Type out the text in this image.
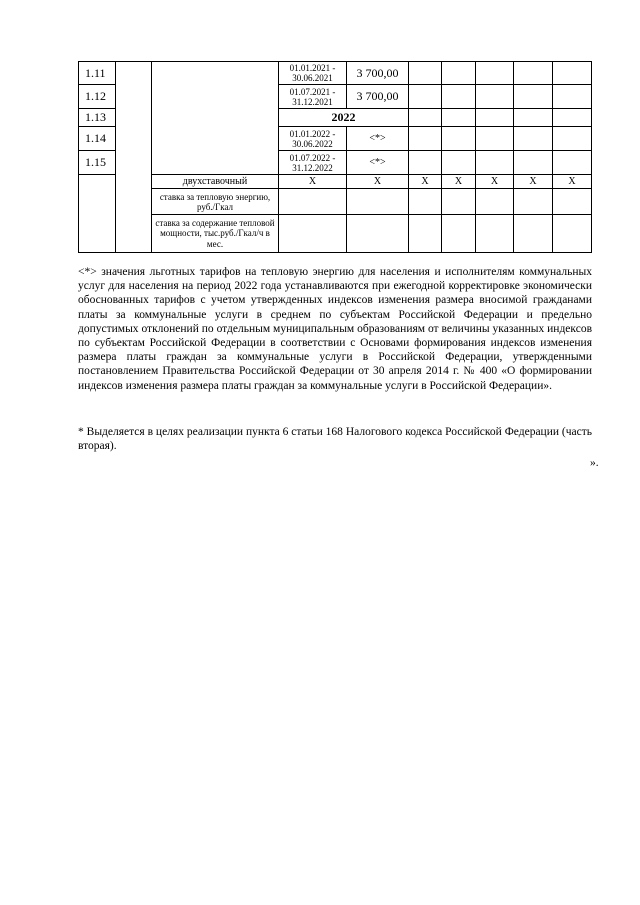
1.11			01.01.2021 - 30.06.2021	3 700,00					
1.12			01.07.2021 - 31.12.2021	3 700,00					
1.13			2022						
1.14			01.01.2022 - 30.06.2022	<*>					
1.15			01.07.2022 - 31.12.2022	<*>					
		двухставочный	X	X	X	X	X	X	X
		ставка за тепловую энергию, руб./Гкал							
		ставка за содержание тепловой мощности, тыс.руб./Гкал/ч в мес.							
<*> значения льготных тарифов на тепловую энергию для населения и исполнителям коммунальных услуг для населения на период 2022 года устанавливаются при ежегодной корректировке экономически обоснованных тарифов с учетом утвержденных индексов изменения размера вносимой гражданами платы за коммунальные услуги в среднем по субъектам Российской Федерации и предельно допустимых отклонений по отдельным муниципальным образованиям от величины указанных индексов по субъектам Российской Федерации в соответствии с Основами формирования индексов изменения размера платы граждан за коммунальные услуги в Российской Федерации, утвержденными постановлением Правительства Российской Федерации от 30 апреля 2014 г. № 400 «О формировании индексов изменения размера платы граждан за коммунальные услуги в Российской Федерации».
* Выделяется в целях реализации пункта 6 статьи 168 Налогового кодекса Российской Федерации (часть вторая).
».
